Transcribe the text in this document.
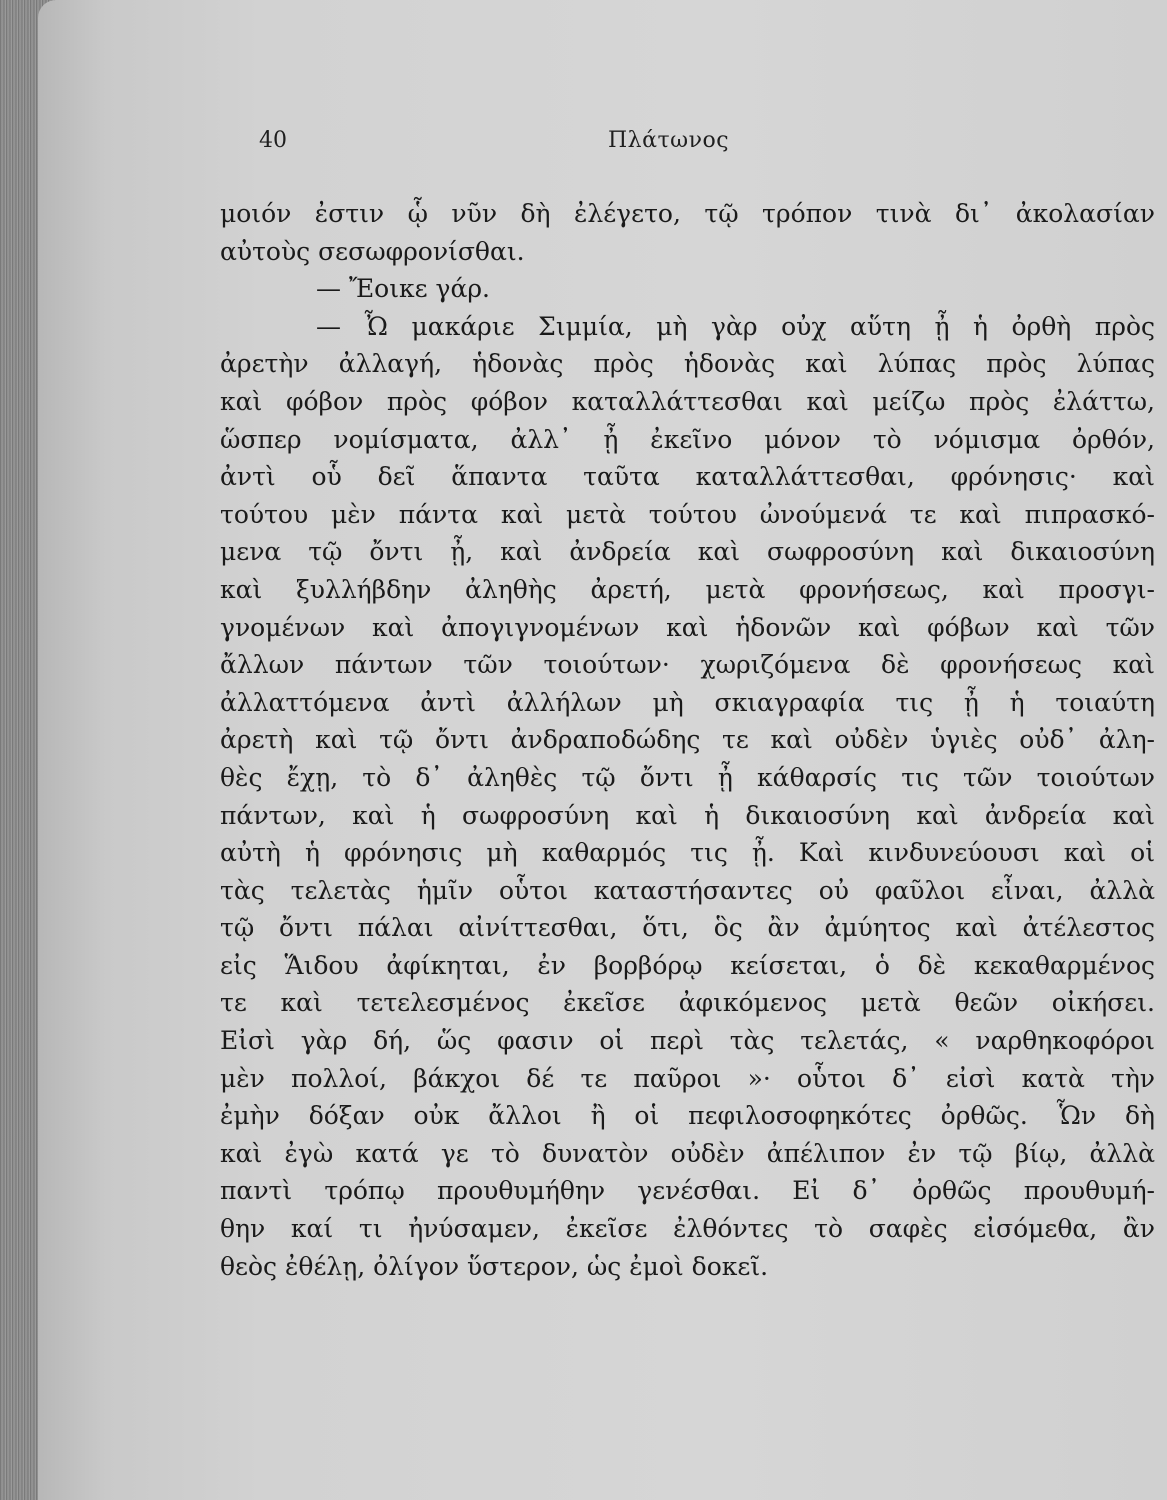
40	Πλάτωνος
μοιόν ἐστιν ᾧ νῦν δὴ ἐλέγετο, τῷ τρόπον τινὰ δι᾿ ἀκολασίαν
αὐτοὺς σεσωφρονίσθαι.
— Ἔοικε γάρ.
— Ὦ μακάριε Σιμμία, μὴ γὰρ οὐχ αὕτη ᾖ ἡ ὀρθὴ πρὸς
ἀρετὴν ἀλλαγή, ἡδονὰς πρὸς ἡδονὰς καὶ λύπας πρὸς λύπας
καὶ φόβον πρὸς φόβον καταλλάττεσθαι καὶ μείζω πρὸς ἐλάττω,
ὥσπερ νομίσματα, ἀλλ᾿ ᾖ ἐκεῖνο μόνον τὸ νόμισμα ὀρθόν,
ἀντὶ οὗ δεῖ ἅπαντα ταῦτα καταλλάττεσθαι, φρόνησις· καὶ
τούτου μὲν πάντα καὶ μετὰ τούτου ὠνούμενά τε καὶ πιπρασκό-
μενα τῷ ὄντι ᾖ, καὶ ἀνδρεία καὶ σωφροσύνη καὶ δικαιοσύνη
καὶ ξυλλήβδην ἀληθὴς ἀρετή, μετὰ φρονήσεως, καὶ προσγι-
γνομένων καὶ ἀπογιγνομένων καὶ ἡδονῶν καὶ φόβων καὶ τῶν
ἄλλων πάντων τῶν τοιούτων· χωριζόμενα δὲ φρονήσεως καὶ
ἀλλαττόμενα ἀντὶ ἀλλήλων μὴ σκιαγραφία τις ᾖ ἡ τοιαύτη
ἀρετὴ καὶ τῷ ὄντι ἀνδραποδώδης τε καὶ οὐδὲν ὑγιὲς οὐδ᾿ ἀλη-
θὲς ἔχῃ, τὸ δ᾿ ἀληθὲς τῷ ὄντι ᾖ κάθαρσίς τις τῶν τοιούτων
πάντων, καὶ ἡ σωφροσύνη καὶ ἡ δικαιοσύνη καὶ ἀνδρεία καὶ
αὐτὴ ἡ φρόνησις μὴ καθαρμός τις ᾖ. Καὶ κινδυνεύουσι καὶ οἱ
τὰς τελετὰς ἡμῖν οὗτοι καταστήσαντες οὐ φαῦλοι εἶναι, ἀλλὰ
τῷ ὄντι πάλαι αἰνίττεσθαι, ὅτι, ὃς ἂν ἀμύητος καὶ ἀτέλεστος
εἰς Ἅιδου ἀφίκηται, ἐν βορβόρῳ κείσεται, ὁ δὲ κεκαθαρμένος
τε καὶ τετελεσμένος ἐκεῖσε ἀφικόμενος μετὰ θεῶν οἰκήσει.
Εἰσὶ γὰρ δή, ὥς φασιν οἱ περὶ τὰς τελετάς, « ναρθηκοφόροι
μὲν πολλοί, βάκχοι δέ τε παῦροι »· οὗτοι δ᾿ εἰσὶ κατὰ τὴν
ἐμὴν δόξαν οὐκ ἄλλοι ἢ οἱ πεφιλοσοφηκότες ὀρθῶς. Ὧν δὴ
καὶ ἐγὼ κατά γε τὸ δυνατὸν οὐδὲν ἀπέλιπον ἐν τῷ βίῳ, ἀλλὰ
παντὶ τρόπῳ προυθυμήθην γενέσθαι. Εἰ δ᾿ ὀρθῶς προυθυμή-
θην καί τι ἠνύσαμεν, ἐκεῖσε ἐλθόντες τὸ σαφὲς εἰσόμεθα, ἂν
θεὸς ἐθέλῃ, ὀλίγον ὕστερον, ὡς ἐμοὶ δοκεῖ.
